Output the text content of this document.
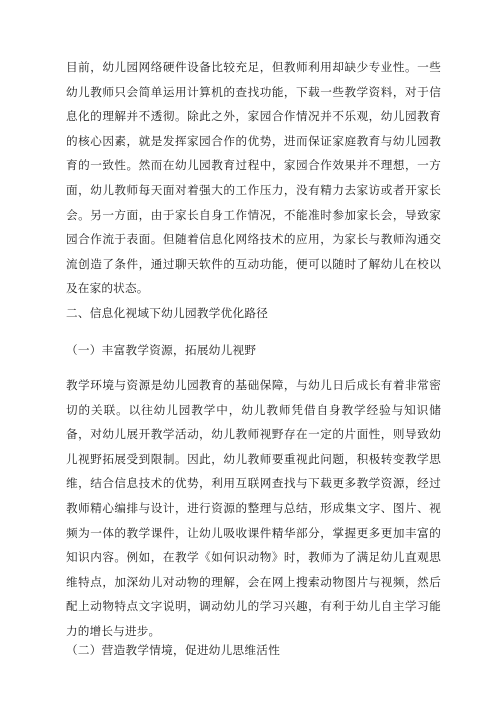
目前，幼儿园网络硬件设备比较充足，但教师利用却缺少专业性。一些幼儿教师只会简单运用计算机的查找功能，下载一些教学资料，对于信息化的理解并不透彻。除此之外，家园合作情况并不乐观，幼儿园教育的核心因素，就是发挥家园合作的优势，进而保证家庭教育与幼儿园教育的一致性。然而在幼儿园教育过程中，家园合作效果并不理想，一方面，幼儿教师每天面对着强大的工作压力，没有精力去家访或者开家长会。另一方面，由于家长自身工作情况，不能准时参加家长会，导致家园合作流于表面。但随着信息化网络技术的应用，为家长与教师沟通交流创造了条件，通过聊天软件的互动功能，便可以随时了解幼儿在校以及在家的状态。

二、信息化视域下幼儿园教学优化路径

（一）丰富教学资源，拓展幼儿视野

教学环境与资源是幼儿园教育的基础保障，与幼儿日后成长有着非常密切的关联。以往幼儿园教学中，幼儿教师凭借自身教学经验与知识储备，对幼儿展开教学活动，幼儿教师视野存在一定的片面性，则导致幼儿视野拓展受到限制。因此，幼儿教师要重视此问题，积极转变教学思维，结合信息技术的优势，利用互联网查找与下载更多教学资源，经过教师精心编排与设计，进行资源的整理与总结，形成集文字、图片、视频为一体的教学课件，让幼儿吸收课件精华部分，掌握更多更加丰富的知识内容。例如，在教学《如何识动物》时，教师为了满足幼儿直观思维特点，加深幼儿对动物的理解，会在网上搜索动物图片与视频，然后配上动物特点文字说明，调动幼儿的学习兴趣，有利于幼儿自主学习能力的增长与进步。

（二）营造教学情境，促进幼儿思维活性
